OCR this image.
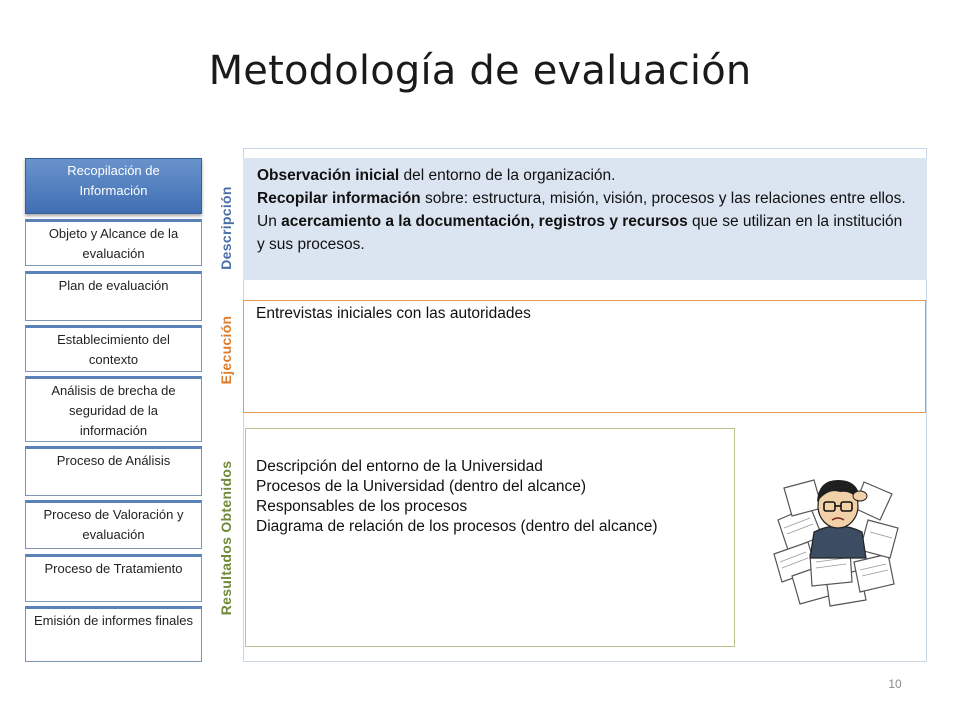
Metodología de evaluación
Recopilación de Información
Objeto y Alcance de la evaluación
Plan de evaluación
Establecimiento del contexto
Análisis de brecha de seguridad de la información
Proceso de Análisis
Proceso de Valoración y evaluación
Proceso de Tratamiento
Emisión de informes finales
Descripción
Ejecución
Resultados Obtenidos
Observación inicial del entorno de la organización.
Recopilar información sobre: estructura, misión, visión, procesos y las relaciones entre ellos.
Un acercamiento a la documentación, registros y recursos que se utilizan en la institución y sus procesos.
Entrevistas iniciales con las autoridades
Descripción del entorno de la Universidad
Procesos de la Universidad (dentro del alcance)
Responsables de los procesos
Diagrama de relación de los procesos (dentro del alcance)
10
